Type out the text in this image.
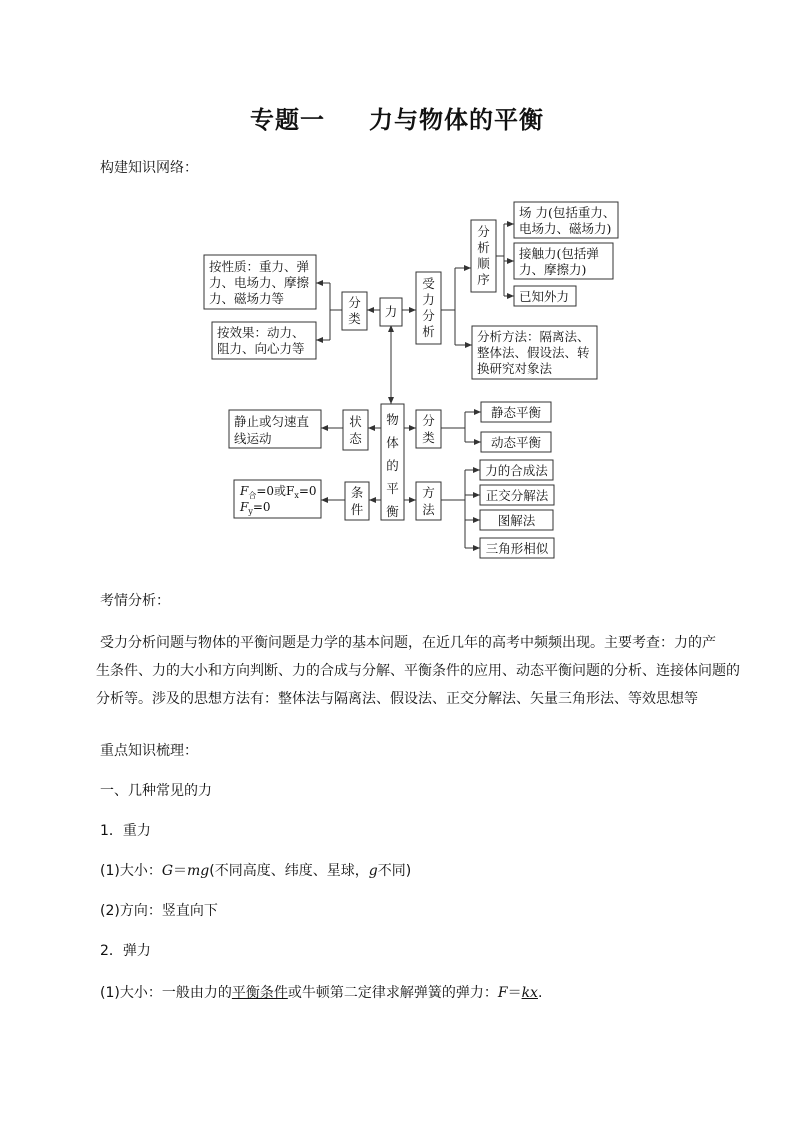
专题一 力与物体的平衡
构建知识网络：
力
分
类
按性质：重力、弹
力、电场力、摩擦
力、磁场力等
按效果：动力、
阻力、向心力等
受
力
分
析
分
析
顺
序
场 力(包括重力、
电场力、磁场力)
接触力(包括弹
力、摩擦力)
已知外力
分析方法：隔离法、
整体法、假设法、转
换研究对象法
物
体
的
平
衡
状
态
静止或匀速直
线运动
分
类
静态平衡
动态平衡
条
件
$F_合=0$或$F_x=0$
$F_y=0$
方
法
力的合成法
正交分解法
图解法
三角形相似
考情分析：
受力分析问题与物体的平衡问题是力学的基本问题，在近几年的高考中频频出现。主要考查：力的产
生条件、力的大小和方向判断、力的合成与分解、平衡条件的应用、动态平衡问题的分析、连接体问题的
分析等。涉及的思想方法有：整体法与隔离法、假设法、正交分解法、矢量三角形法、等效思想等
重点知识梳理：
一、几种常见的力
1．重力
(1)大小：G＝mg(不同高度、纬度、星球，g不同)
(2)方向：竖直向下
2．弹力
(1)大小：一般由力的平衡条件或牛顿第二定律求解弹簧的弹力：F＝kx.
